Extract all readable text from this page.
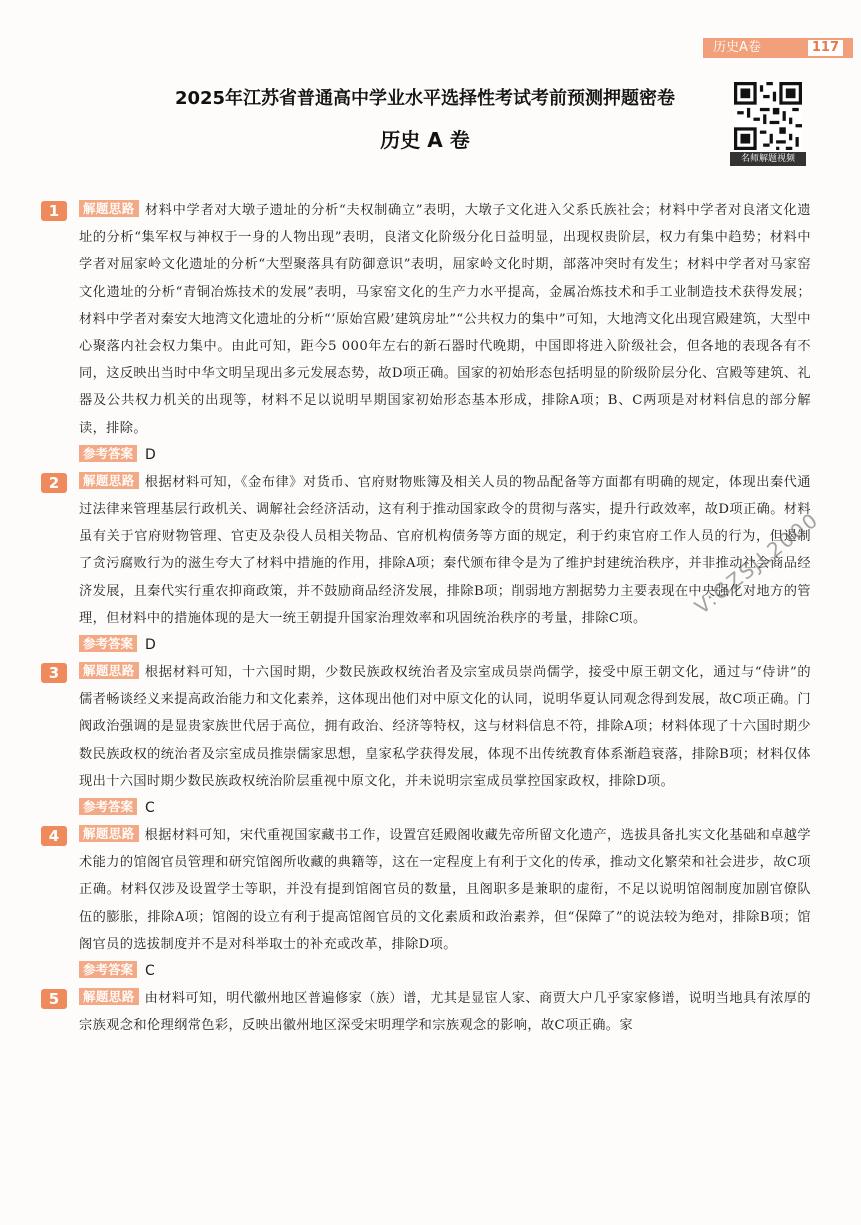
历史A卷	117
2025年江苏省普通高中学业水平选择性考试考前预测押题密卷
历史 A 卷
名师解题视频
1	解题思路 材料中学者对大墩子遗址的分析“夫权制确立”表明，大墩子文化进入父系氏族社会；材料中学者对良渚文化遗址的分析“集军权与神权于一身的人物出现”表明，良渚文化阶级分化日益明显，出现权贵阶层，权力有集中趋势；材料中学者对屈家岭文化遗址的分析“大型聚落具有防御意识”表明，屈家岭文化时期，部落冲突时有发生；材料中学者对马家窑文化遗址的分析“青铜冶炼技术的发展”表明，马家窑文化的生产力水平提高，金属冶炼技术和手工业制造技术获得发展；材料中学者对秦安大地湾文化遗址的分析“‘原始宫殿’建筑房址”“公共权力的集中”可知，大地湾文化出现宫殿建筑，大型中心聚落内社会权力集中。由此可知，距今5 000年左右的新石器时代晚期，中国即将进入阶级社会，但各地的表现各有不同，这反映出当时中华文明呈现出多元发展态势，故D项正确。国家的初始形态包括明显的阶级阶层分化、宫殿等建筑、礼器及公共权力机关的出现等，材料不足以说明早期国家初始形态基本形成，排除A项；B、C两项是对材料信息的部分解读，排除。

参考答案 D
2	解题思路 根据材料可知，《金布律》对货币、官府财物账簿及相关人员的物品配备等方面都有明确的规定，体现出秦代通过法律来管理基层行政机关、调解社会经济活动，这有利于推动国家政令的贯彻与落实，提升行政效率，故D项正确。材料虽有关于官府财物管理、官吏及杂役人员相关物品、官府机构债务等方面的规定，利于约束官府工作人员的行为，但遏制了贪污腐败行为的滋生夸大了材料中措施的作用，排除A项；秦代颁布律令是为了维护封建统治秩序，并非推动社会商品经济发展，且秦代实行重农抑商政策，并不鼓励商品经济发展，排除B项；削弱地方割据势力主要表现在中央强化对地方的管理，但材料中的措施体现的是大一统王朝提升国家治理效率和巩固统治秩序的考量，排除C项。

参考答案 D
3	解题思路 根据材料可知，十六国时期，少数民族政权统治者及宗室成员崇尚儒学，接受中原王朝文化，通过与“侍讲”的儒者畅谈经义来提高政治能力和文化素养，这体现出他们对中原文化的认同，说明华夏认同观念得到发展，故C项正确。门阀政治强调的是显贵家族世代居于高位，拥有政治、经济等特权，这与材料信息不符，排除A项；材料体现了十六国时期少数民族政权的统治者及宗室成员推崇儒家思想，皇家私学获得发展，体现不出传统教育体系渐趋衰落，排除B项；材料仅体现出十六国时期少数民族政权统治阶层重视中原文化，并未说明宗室成员掌控国家政权，排除D项。

参考答案 C
4	解题思路 根据材料可知，宋代重视国家藏书工作，设置宫廷殿阁收藏先帝所留文化遗产，选拔具备扎实文化基础和卓越学术能力的馆阁官员管理和研究馆阁所收藏的典籍等，这在一定程度上有利于文化的传承，推动文化繁荣和社会进步，故C项正确。材料仅涉及设置学士等职，并没有提到馆阁官员的数量，且阁职多是兼职的虚衔，不足以说明馆阁制度加剧官僚队伍的膨胀，排除A项；馆阁的设立有利于提高馆阁官员的文化素质和政治素养，但“保障了”的说法较为绝对，排除B项；馆阁官员的选拔制度并不是对科举取士的补充或改革，排除D项。

参考答案 C
5	解题思路 由材料可知，明代徽州地区普遍修家（族）谱，尤其是显宦人家、商贾大户几乎家家修谱，说明当地具有浓厚的宗族观念和伦理纲常色彩，反映出徽州地区深受宋明理学和宗族观念的影响，故C项正确。家

V:GZSJL2000
